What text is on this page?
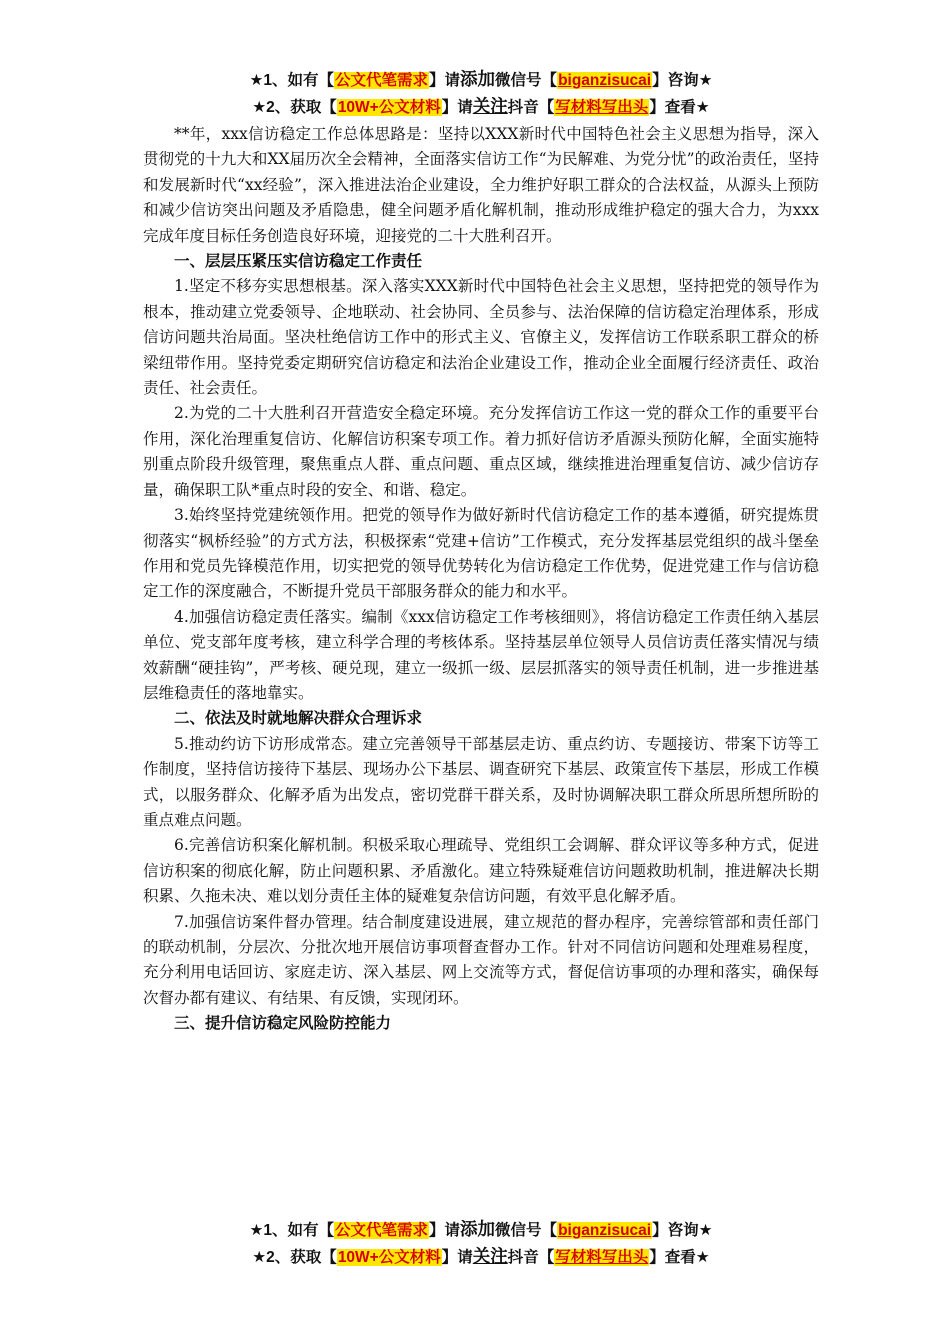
★1、如有【公文代笔需求】请添加微信号【biganzisucai】咨询★
★2、获取【10W+公文材料】请关注抖音【写材料写出头】查看★

**年，xxx信访稳定工作总体思路是：坚持以XXX新时代中国特色社会主义思想为指导，深入贯彻党的十九大和XX届历次全会精神，全面落实信访工作“为民解难、为党分忧”的政治责任，坚持和发展新时代“xx经验”，深入推进法治企业建设，全力维护好职工群众的合法权益，从源头上预防和减少信访突出问题及矛盾隐患，健全问题矛盾化解机制，推动形成维护稳定的强大合力，为xxx完成年度目标任务创造良好环境，迎接党的二十大胜利召开。

一、层层压紧压实信访稳定工作责任

1.坚定不移夯实思想根基。深入落实XXX新时代中国特色社会主义思想，坚持把党的领导作为根本，推动建立党委领导、企地联动、社会协同、全员参与、法治保障的信访稳定治理体系，形成信访问题共治局面。坚决杜绝信访工作中的形式主义、官僚主义，发挥信访工作联系职工群众的桥梁纽带作用。坚持党委定期研究信访稳定和法治企业建设工作，推动企业全面履行经济责任、政治责任、社会责任。

2.为党的二十大胜利召开营造安全稳定环境。充分发挥信访工作这一党的群众工作的重要平台作用，深化治理重复信访、化解信访积案专项工作。着力抓好信访矛盾源头预防化解，全面实施特别重点阶段升级管理，聚焦重点人群、重点问题、重点区域，继续推进治理重复信访、减少信访存量，确保职工队*重点时段的安全、和谐、稳定。

3.始终坚持党建统领作用。把党的领导作为做好新时代信访稳定工作的基本遵循，研究提炼贯彻落实“枫桥经验”的方式方法，积极探索“党建+信访”工作模式，充分发挥基层党组织的战斗堡垒作用和党员先锋模范作用，切实把党的领导优势转化为信访稳定工作优势，促进党建工作与信访稳定工作的深度融合，不断提升党员干部服务群众的能力和水平。

4.加强信访稳定责任落实。编制《xxx信访稳定工作考核细则》，将信访稳定工作责任纳入基层单位、党支部年度考核，建立科学合理的考核体系。坚持基层单位领导人员信访责任落实情况与绩效薪酬“硬挂钩”，严考核、硬兑现，建立一级抓一级、层层抓落实的领导责任机制，进一步推进基层维稳责任的落地靠实。

二、依法及时就地解决群众合理诉求

5.推动约访下访形成常态。建立完善领导干部基层走访、重点约访、专题接访、带案下访等工作制度，坚持信访接待下基层、现场办公下基层、调查研究下基层、政策宣传下基层，形成工作模式，以服务群众、化解矛盾为出发点，密切党群干群关系，及时协调解决职工群众所思所想所盼的重点难点问题。

6.完善信访积案化解机制。积极采取心理疏导、党组织工会调解、群众评议等多种方式，促进信访积案的彻底化解，防止问题积累、矛盾激化。建立特殊疑难信访问题救助机制，推进解决长期积累、久拖未决、难以划分责任主体的疑难复杂信访问题，有效平息化解矛盾。

7.加强信访案件督办管理。结合制度建设进展，建立规范的督办程序，完善综管部和责任部门的联动机制，分层次、分批次地开展信访事项督查督办工作。针对不同信访问题和处理难易程度，充分利用电话回访、家庭走访、深入基层、网上交流等方式，督促信访事项的办理和落实，确保每次督办都有建议、有结果、有反馈，实现闭环。

三、提升信访稳定风险防控能力

★1、如有【公文代笔需求】请添加微信号【biganzisucai】咨询★
★2、获取【10W+公文材料】请关注抖音【写材料写出头】查看★
